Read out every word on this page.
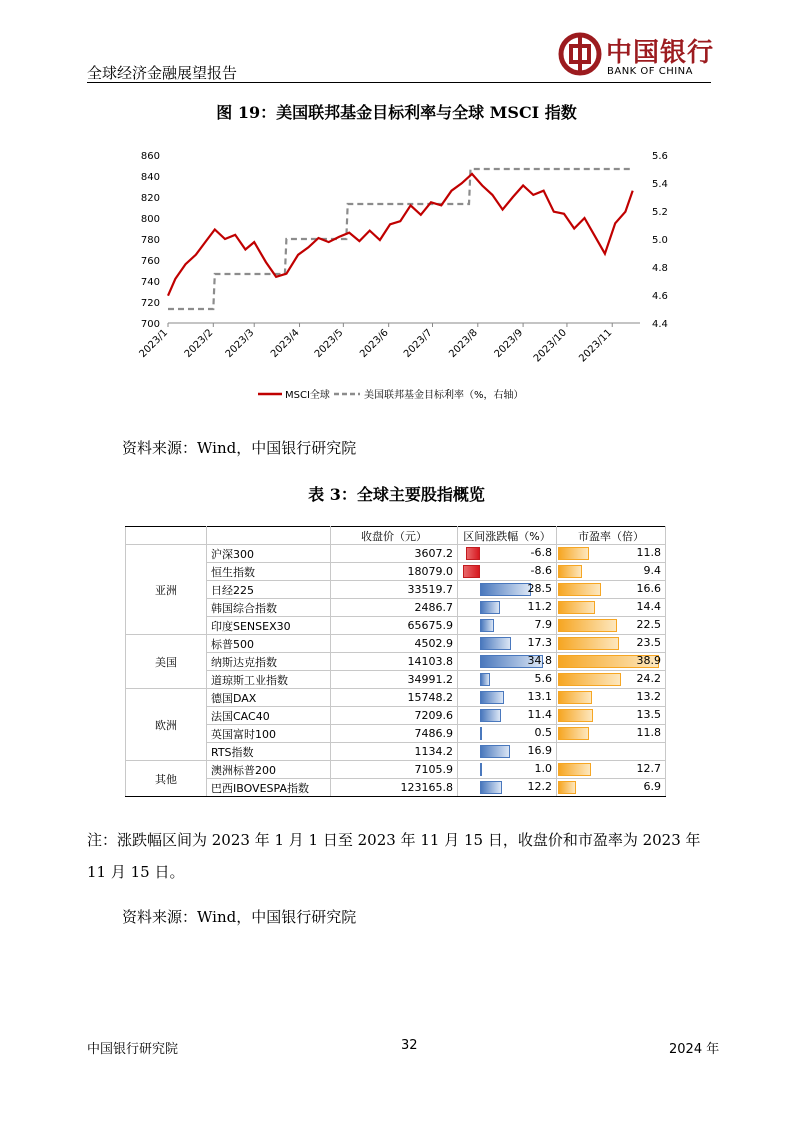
全球经济金融展望报告
中国银行
BANK OF CHINA
图 19：美国联邦基金目标利率与全球 MSCI 指数
700
720
740
760
780
800
820
840
860
4.4
4.6
4.8
5.0
5.2
5.4
5.6
2023/1 2023/2 2023/3 2023/4 2023/5 2023/6 2023/7 2023/8 2023/9 2023/10 2023/11
MSCI全球	美国联邦基金目标利率（%，右轴）
资料来源：Wind，中国银行研究院
表 3：全球主要股指概览
		收盘价（元）	区间涨跌幅（%）	市盈率（倍）
亚洲	沪深300	3607.2	-6.8	11.8

	恒生指数	18079.0	-8.6	9.4

	日经225	33519.7	28.5	16.6

	韩国综合指数	2486.7	11.2	14.4

	印度SENSEX30	65675.9	7.9	22.5

美国	标普500	4502.9	17.3	23.5

	纳斯达克指数	14103.8	34.8	38.9

	道琼斯工业指数	34991.2	5.6	24.2

欧洲	德国DAX	15748.2	13.1	13.2

	法国CAC40	7209.6	11.4	13.5

	英国富时100	7486.9	0.5	11.8

	RTS指数	1134.2	16.9	

其他	澳洲标普200	7105.9	1.0	12.7

	巴西IBOVESPA指数	123165.8	12.2	6.9
注：涨跌幅区间为 2023 年 1 月 1 日至 2023 年 11 月 15 日，收盘价和市盈率为 2023 年 11 月 15 日。
资料来源：Wind，中国银行研究院
中国银行研究院	32	2024 年
